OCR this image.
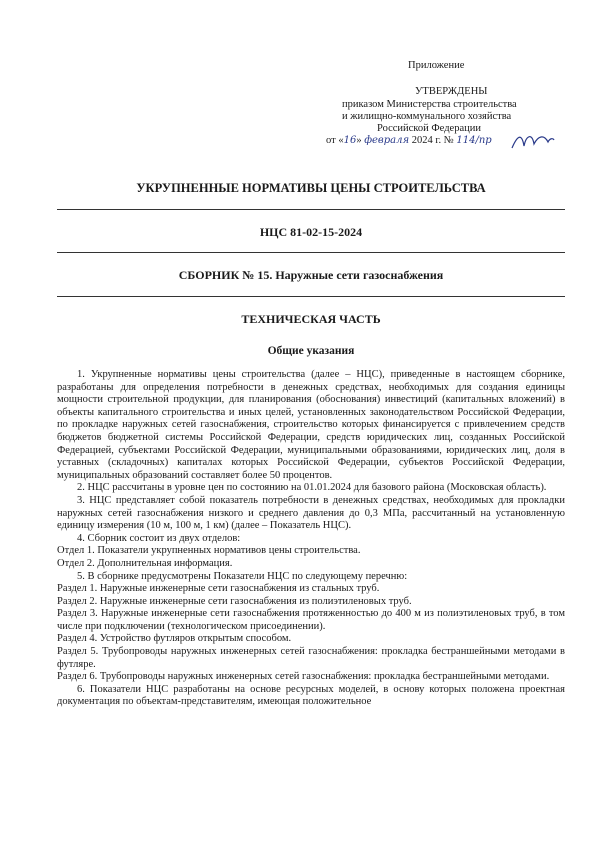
Приложение
УТВЕРЖДЕНЫ
приказом Министерства строительства
и жилищно-коммунального хозяйства
Российской Федерации
от «16» февраля 2024 г. № 114/пр
УКРУПНЕННЫЕ НОРМАТИВЫ ЦЕНЫ СТРОИТЕЛЬСТВА
НЦС 81-02-15-2024
СБОРНИК № 15. Наружные сети газоснабжения
ТЕХНИЧЕСКАЯ ЧАСТЬ
Общие указания

1. Укрупненные нормативы цены строительства (далее – НЦС), приведенные в настоящем сборнике, разработаны для определения потребности в денежных средствах, необходимых для создания единицы мощности строительной продукции, для планирования (обоснования) инвестиций (капитальных вложений) в объекты капитального строительства и иных целей, установленных законодательством Российской Федерации, по прокладке наружных сетей газоснабжения, строительство которых финансируется с привлечением средств бюджетов бюджетной системы Российской Федерации, средств юридических лиц, созданных Российской Федерацией, субъектами Российской Федерации, муниципальными образованиями, юридических лиц, доля в уставных (складочных) капиталах которых Российской Федерации, субъектов Российской Федерации, муниципальных образований составляет более 50 процентов.

2. НЦС рассчитаны в уровне цен по состоянию на 01.01.2024 для базового района (Московская область).

3. НЦС представляет собой показатель потребности в денежных средствах, необходимых для прокладки наружных сетей газоснабжения низкого и среднего давления до 0,3 МПа, рассчитанный на установленную единицу измерения (10 м, 100 м, 1 км) (далее – Показатель НЦС).

4. Сборник состоит из двух отделов:

Отдел 1. Показатели укрупненных нормативов цены строительства.

Отдел 2. Дополнительная информация.

5. В сборнике предусмотрены Показатели НЦС по следующему перечню:

Раздел 1. Наружные инженерные сети газоснабжения из стальных труб.

Раздел 2. Наружные инженерные сети газоснабжения из полиэтиленовых труб.

Раздел 3. Наружные инженерные сети газоснабжения протяженностью до 400 м из полиэтиленовых труб, в том числе при подключении (технологическом присоединении).

Раздел 4. Устройство футляров открытым способом.

Раздел 5. Трубопроводы наружных инженерных сетей газоснабжения: прокладка бестраншейными методами в футляре.

Раздел 6. Трубопроводы наружных инженерных сетей газоснабжения: прокладка бестраншейными методами.

6. Показатели НЦС разработаны на основе ресурсных моделей, в основу которых положена проектная документация по объектам-представителям, имеющая положительное
